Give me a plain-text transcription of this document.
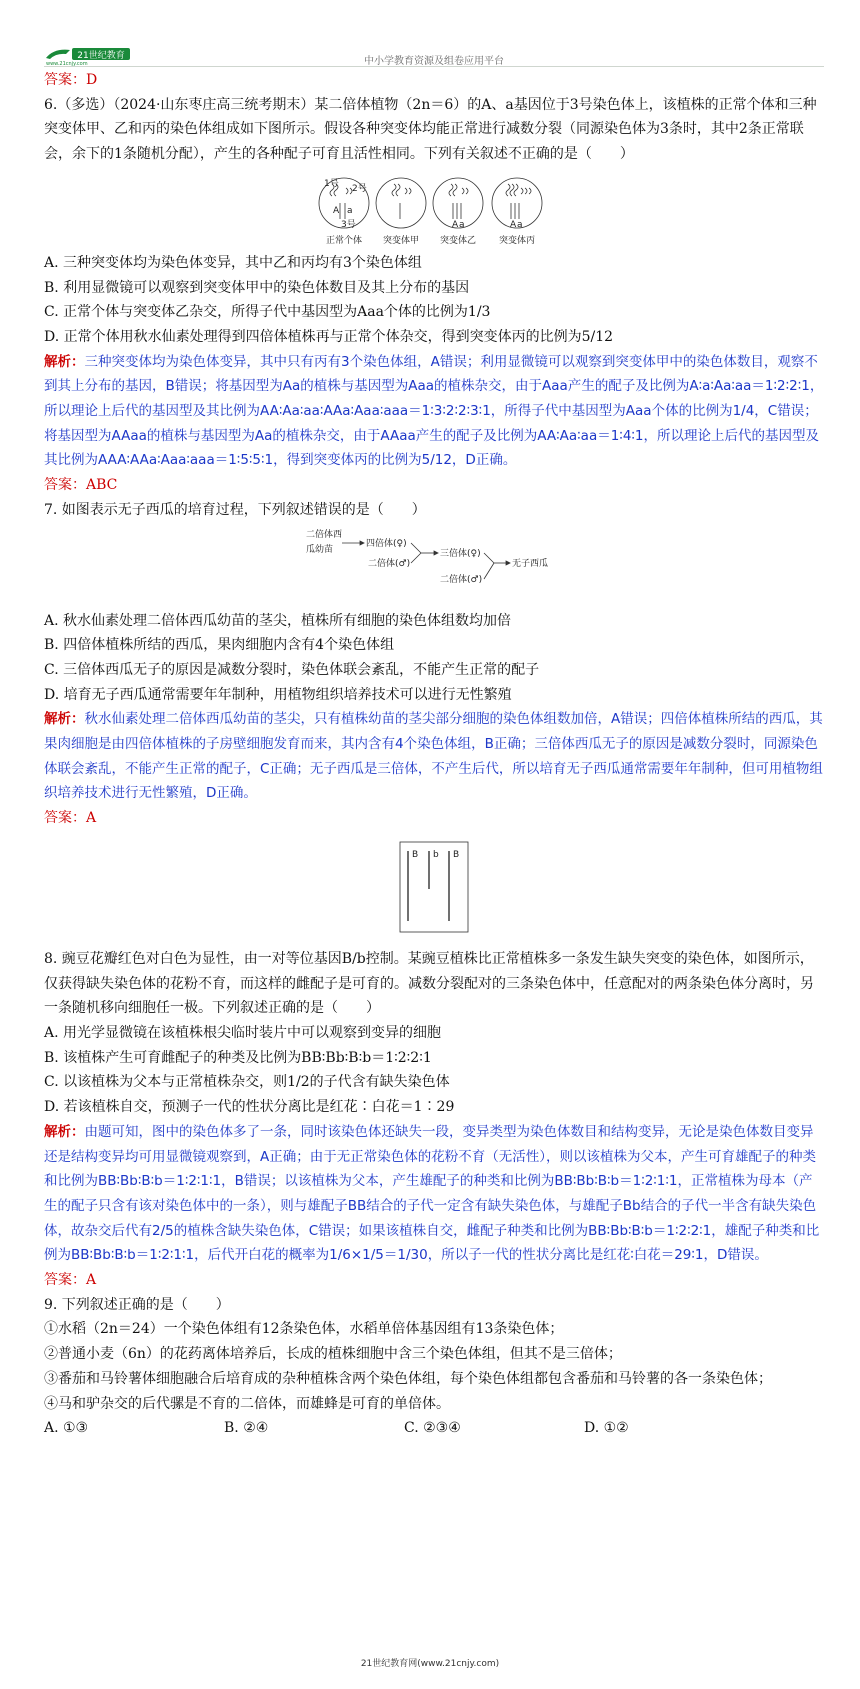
21世纪教育
www.21cnjy.com	中小学教育资源及组卷应用平台

答案：D

6.（多选）（2024·山东枣庄高三统考期末）某二倍体植物（2n＝6）的A、a基因位于3号染色体上，该植株的正常个体和三种突变体甲、乙和丙的染色体组成如下图所示。假设各种突变体均能正常进行减数分裂（同源染色体为3条时，其中2条正常联会，余下的1条随机分配），产生的各种配子可育且活性相同。下列有关叙述不正确的是（　　）

1号 2号
3号
A a
A a	A a
正常个体 突变体甲 突变体乙	突变体丙

A. 三种突变体均为染色体变异，其中乙和丙均有3个染色体组

B. 利用显微镜可以观察到突变体甲中的染色体数目及其上分布的基因

C. 正常个体与突变体乙杂交，所得子代中基因型为Aaa个体的比例为1/3

D. 正常个体用秋水仙素处理得到四倍体植株再与正常个体杂交，得到突变体丙的比例为5/12

解析：三种突变体均为染色体变异，其中只有丙有3个染色体组，A错误；利用显微镜可以观察到突变体甲中的染色体数目，观察不到其上分布的基因，B错误；将基因型为Aa的植株与基因型为Aaa的植株杂交，由于Aaa产生的配子及比例为A∶a∶Aa∶aa＝1∶2∶2∶1，所以理论上后代的基因型及其比例为AA∶Aa∶aa∶AAa∶Aaa∶aaa＝1∶3∶2∶2∶3∶1，所得子代中基因型为Aaa个体的比例为1/4，C错误；将基因型为AAaa的植株与基因型为Aa的植株杂交，由于AAaa产生的配子及比例为AA∶Aa∶aa＝1∶4∶1，所以理论上后代的基因型及其比例为AAA∶AAa∶Aaa∶aaa＝1∶5∶5∶1，得到突变体丙的比例为5/12，D正确。

答案：ABC

7. 如图表示无子西瓜的培育过程，下列叙述错误的是（　　）

二倍体西
瓜幼苗
四倍体(♀)
二倍体(♂)
三倍体(♀)
二倍体(♂)
无子西瓜

A. 秋水仙素处理二倍体西瓜幼苗的茎尖，植株所有细胞的染色体组数均加倍

B. 四倍体植株所结的西瓜，果肉细胞内含有4个染色体组

C. 三倍体西瓜无子的原因是减数分裂时，染色体联会紊乱，不能产生正常的配子

D. 培育无子西瓜通常需要年年制种，用植物组织培养技术可以进行无性繁殖

解析：秋水仙素处理二倍体西瓜幼苗的茎尖，只有植株幼苗的茎尖部分细胞的染色体组数加倍，A错误；四倍体植株所结的西瓜，其果肉细胞是由四倍体植株的子房壁细胞发育而来，其内含有4个染色体组，B正确；三倍体西瓜无子的原因是减数分裂时，同源染色体联会紊乱，不能产生正常的配子，C正确；无子西瓜是三倍体，不产生后代，所以培育无子西瓜通常需要年年制种，但可用植物组织培养技术进行无性繁殖，D正确。

答案：A

B b B

8. 豌豆花瓣红色对白色为显性，由一对等位基因B/b控制。某豌豆植株比正常植株多一条发生缺失突变的染色体，如图所示，仅获得缺失染色体的花粉不育，而这样的雌配子是可育的。减数分裂配对的三条染色体中，任意配对的两条染色体分离时，另一条随机移向细胞任一极。下列叙述正确的是（　　）

A. 用光学显微镜在该植株根尖临时装片中可以观察到变异的细胞

B. 该植株产生可育雌配子的种类及比例为BB∶Bb∶B∶b＝1∶2∶2∶1

C. 以该植株为父本与正常植株杂交，则1/2的子代含有缺失染色体

D. 若该植株自交，预测子一代的性状分离比是红花∶白花＝1∶29

解析：由题可知，图中的染色体多了一条，同时该染色体还缺失一段，变异类型为染色体数目和结构变异，无论是染色体数目变异还是结构变异均可用显微镜观察到，A正确；由于无正常染色体的花粉不育（无活性），则以该植株为父本，产生可育雄配子的种类和比例为BB∶Bb∶B∶b＝1∶2∶1∶1，B错误；以该植株为父本，产生雄配子的种类和比例为BB∶Bb∶B∶b＝1∶2∶1∶1，正常植株为母本（产生的配子只含有该对染色体中的一条），则与雄配子BB结合的子代一定含有缺失染色体，与雄配子Bb结合的子代一半含有缺失染色体，故杂交后代有2/5的植株含缺失染色体，C错误；如果该植株自交，雌配子种类和比例为BB∶Bb∶B∶b＝1∶2∶2∶1，雄配子种类和比例为BB∶Bb∶B∶b＝1∶2∶1∶1，后代开白花的概率为1/6×1/5＝1/30，所以子一代的性状分离比是红花∶白花＝29∶1，D错误。

答案：A

9. 下列叙述正确的是（　　）

①水稻（2n＝24）一个染色体组有12条染色体，水稻单倍体基因组有13条染色体；

②普通小麦（6n）的花药离体培养后，长成的植株细胞中含三个染色体组，但其不是三倍体；

③番茄和马铃薯体细胞融合后培育成的杂种植株含两个染色体组，每个染色体组都包含番茄和马铃薯的各一条染色体；

④马和驴杂交的后代骡是不育的二倍体，而雄蜂是可育的单倍体。

A. ①③	B. ②④	C. ②③④	D. ①②
21世纪教育网(www.21cnjy.com)
